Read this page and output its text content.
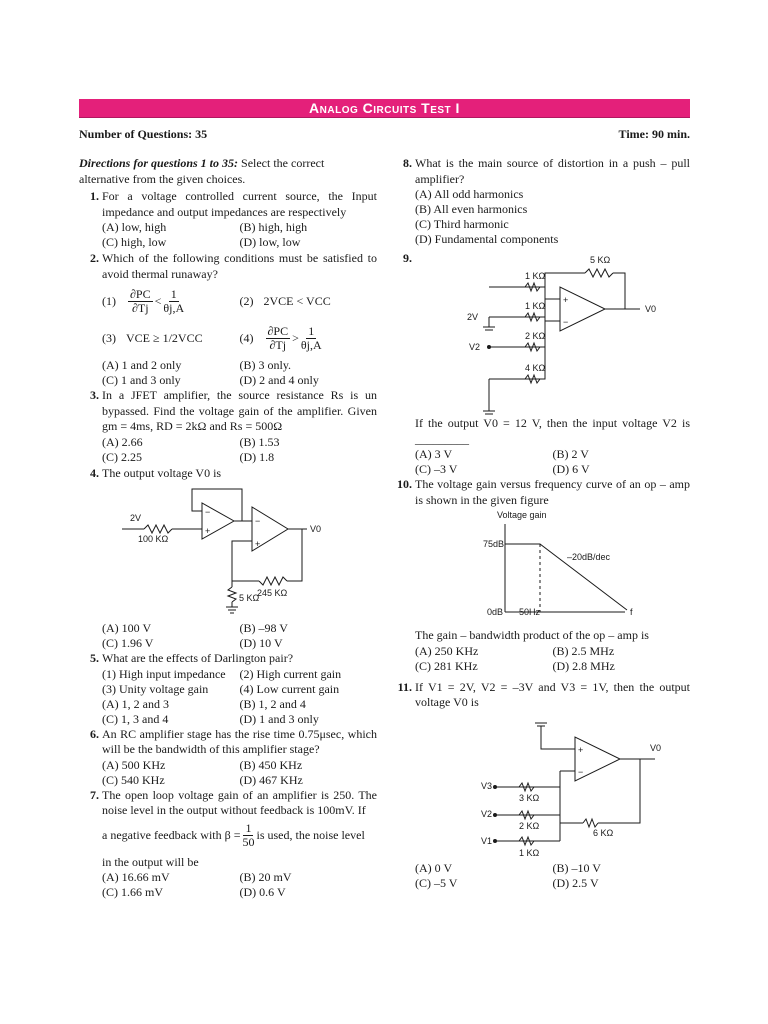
Analog Circuits Test I
Number of Questions: 35	Time: 90 min.

Directions for questions 1 to 35: Select the correct alternative from the given choices.

1. For a voltage controlled current source, the Input impedance and output impedances are respectively
(A) low, high	(B) high, high
(C) high, low	(D) low, low
2. Which of the following conditions must be satisfied to avoid thermal runaway?
$(1) \frac{\partial PC}{\partial Tj} < \frac{1}{\theta j,A}$	(2) 2VCE < VCC
(3) VCE ≥ 1/2VCC	$(4) \frac{\partial PC}{\partial Tj} > \frac{1}{\theta j,A}$
(A) 1 and 2 only	(B) 3 only.
(C) 1 and 3 only	(D) 2 and 4 only
3. In a JFET amplifier, the source resistance Rs is un bypassed. Find the voltage gain of the amplifier. Given gm = 4ms, RD = 2kΩ and Rs = 500Ω
(A) 2.66	(B) 1.53
(C) 2.25	(D) 1.8
4. The output voltage V0 is
−
+
−
+
2V
100 KΩ
V0
245 KΩ
5 KΩ
(A) 100 V	(B) –98 V
(C) 1.96 V	(D) 10 V
5. What are the effects of Darlington pair?
(1) High input impedance	(2) High current gain
(3) Unity voltage gain	(4) Low current gain
(A) 1, 2 and 3	(B) 1, 2 and 4
(C) 1, 3 and 4	(D) 1 and 3 only
6. An RC amplifier stage has the rise time 0.75μsec, which will be the bandwidth of this amplifier stage?
(A) 500 KHz	(B) 450 KHz
(C) 540 KHz	(D) 467 KHz
7. The open loop voltage gain of an amplifier is 250. The noise level in the output without feedback is 100mV. If
a negative feedback with $\beta = \frac{1}{50}$ is used, the noise level
in the output will be
(A) 16.66 mV	(B) 20 mV
(C) 1.66 mV	(D) 0.6 V
8. What is the main source of distortion in a push – pull amplifier?
(A) All odd harmonics
(B) All even harmonics
(C) Third harmonic
(D) Fundamental components
9.
+
−
5 KΩ
1 KΩ
1 KΩ
2 KΩ
4 KΩ
2V
V2
V0
If the output V0 = 12 V, then the input voltage V2 is _________
(A) 3 V	(B) 2 V
(C) –3 V	(D) 6 V
10. The voltage gain versus frequency curve of an op – amp is shown in the given figure
Voltage gain
75dB
0dB 50Hz
–20dB/dec
f
The gain – bandwidth product of the op – amp is
(A) 250 KHz	(B) 2.5 MHz
(C) 281 KHz	(D) 2.8 MHz
11. If V1 = 2V, V2 = –3V and V3 = 1V, then the output voltage V0 is
+
−
V3
V2
V1
3 KΩ
2 KΩ
1 KΩ
6 KΩ
V0
(A) 0 V	(B) –10 V
(C) –5 V	(D) 2.5 V
